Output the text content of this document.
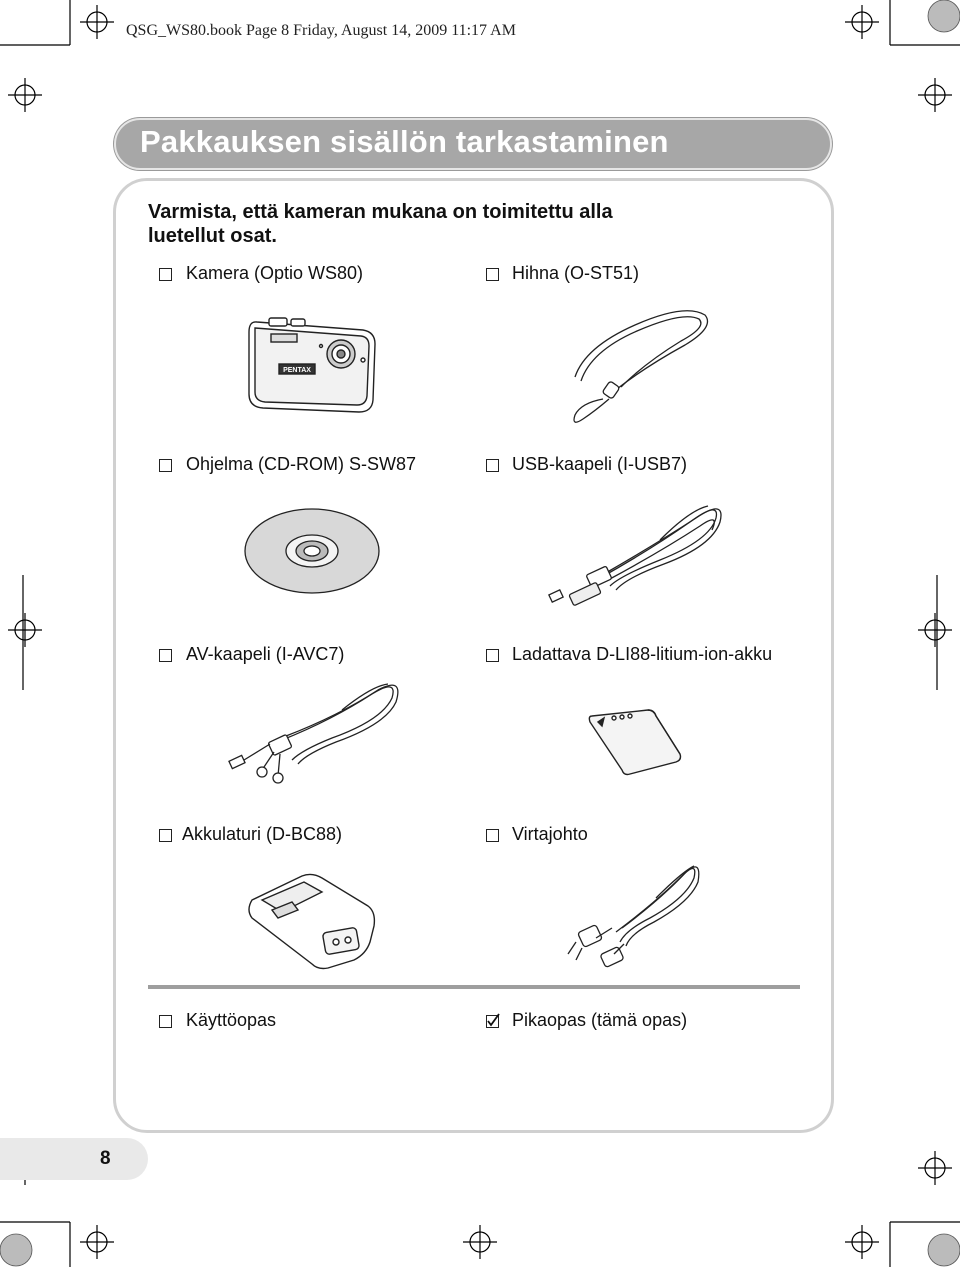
QSG_WS80.book Page 8 Friday, August 14, 2009 11:17 AM
Pakkauksen sisällön tarkastaminen
Varmista, että kameran mukana on toimitettu alla
luetellut osat.
Kamera (Optio WS80)	Hihna (O-ST51)
Ohjelma (CD-ROM) S-SW87	USB-kaapeli (I-USB7)
AV-kaapeli (I-AVC7)	Ladattava D-LI88-litium-ion-akku
Akkulaturi (D-BC88)	Virtajohto
Käyttöopas	Pikaopas (tämä opas)
PENTAX
8
